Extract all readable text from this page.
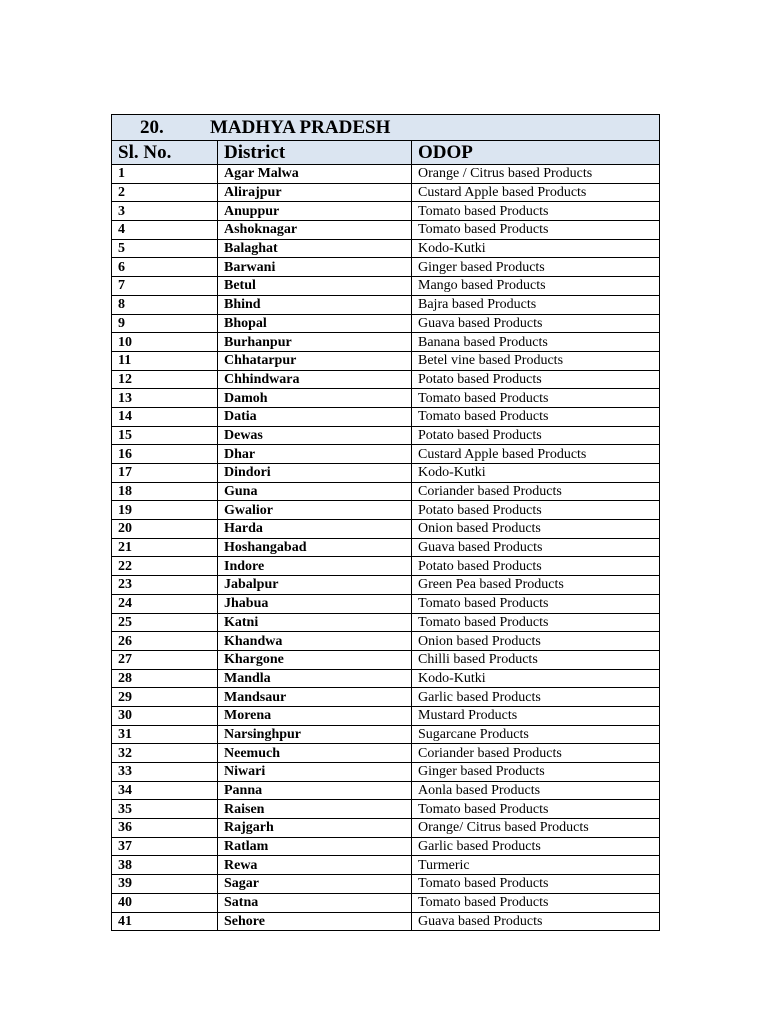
20. MADHYA PRADESH		
Sl. No.	District	ODOP
1	Agar Malwa	Orange / Citrus based Products
2	Alirajpur	Custard Apple based Products
3	Anuppur	Tomato based Products
4	Ashoknagar	Tomato based Products
5	Balaghat	Kodo-Kutki
6	Barwani	Ginger based Products
7	Betul	Mango based Products
8	Bhind	Bajra based Products
9	Bhopal	Guava based Products
10	Burhanpur	Banana based Products
11	Chhatarpur	Betel vine based Products
12	Chhindwara	Potato based Products
13	Damoh	Tomato based Products
14	Datia	Tomato based Products
15	Dewas	Potato based Products
16	Dhar	Custard Apple based Products
17	Dindori	Kodo-Kutki
18	Guna	Coriander based Products
19	Gwalior	Potato based Products
20	Harda	Onion based Products
21	Hoshangabad	Guava based Products
22	Indore	Potato based Products
23	Jabalpur	Green Pea based Products
24	Jhabua	Tomato based Products
25	Katni	Tomato based Products
26	Khandwa	Onion based Products
27	Khargone	Chilli based Products
28	Mandla	Kodo-Kutki
29	Mandsaur	Garlic based Products
30	Morena	Mustard Products
31	Narsinghpur	Sugarcane Products
32	Neemuch	Coriander based Products
33	Niwari	Ginger based Products
34	Panna	Aonla based Products
35	Raisen	Tomato based Products
36	Rajgarh	Orange/ Citrus based Products
37	Ratlam	Garlic based Products
38	Rewa	Turmeric
39	Sagar	Tomato based Products
40	Satna	Tomato based Products
41	Sehore	Guava based Products
